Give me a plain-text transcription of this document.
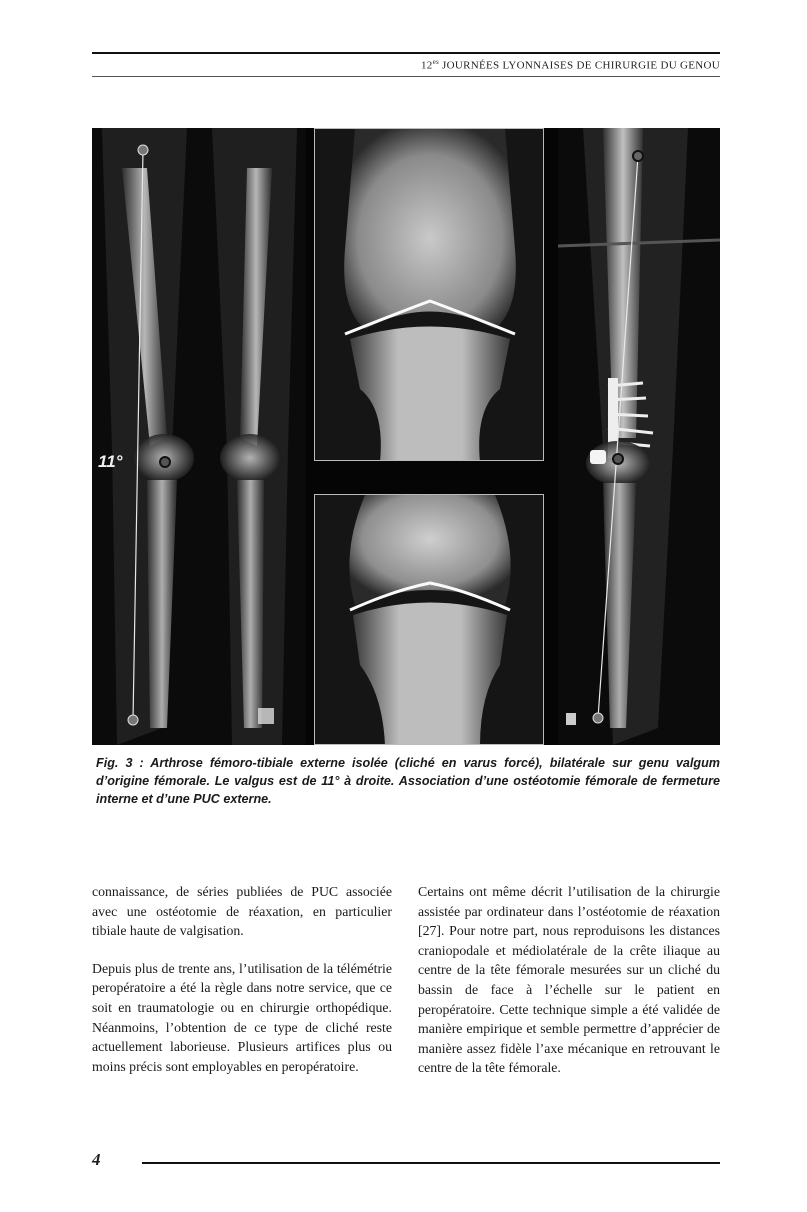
$12^{es}$ JOURNÉES LYONNAISES DE CHIRURGIE DU GENOU
11°
Fig. 3 : Arthrose fémoro-tibiale externe isolée (cliché en varus forcé), bilatérale sur genu valgum d’origine fémorale. Le valgus est de 11° à droite. Association d’une ostéotomie fémorale de fermeture interne et d’une PUC externe.

connaissance, de séries publiées de PUC associée avec une ostéotomie de réaxation, en particulier tibiale haute de valgisation.

Depuis plus de trente ans, l’utilisation de la télémétrie peropératoire a été la règle dans notre service, que ce soit en traumatologie ou en chirurgie orthopédique. Néanmoins, l’obtention de ce type de cliché reste actuellement laborieuse. Plusieurs artifices plus ou moins précis sont employables en peropératoire.

Certains ont même décrit l’utilisation de la chirurgie assistée par ordinateur dans l’ostéotomie de réaxation [27]. Pour notre part, nous reproduisons les distances craniopodale et médiolatérale de la crête iliaque au centre de la tête fémorale mesurées sur un cliché du bassin de face à l’échelle sur le patient en peropératoire. Cette technique simple a été validée de manière empirique et semble permettre d’apprécier de manière assez fidèle l’axe mécanique en retrouvant le centre de la tête fémorale.

4
